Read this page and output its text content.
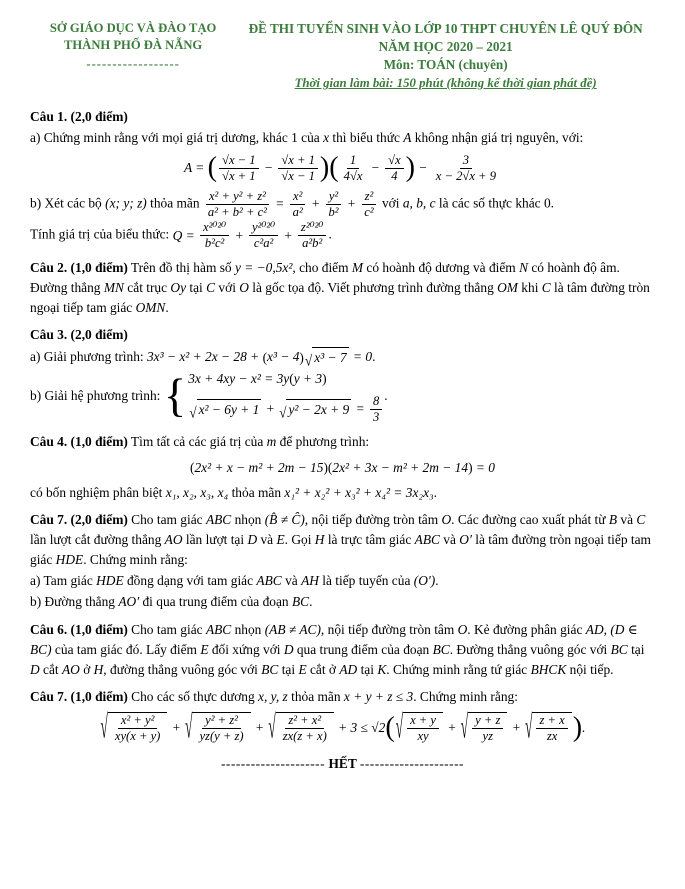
SỞ GIÁO DỤC VÀ ĐÀO TẠO
THÀNH PHỐ ĐÀ NẴNG
------------------
ĐỀ THI TUYỂN SINH VÀO LỚP 10 THPT CHUYÊN LÊ QUÝ ĐÔN
NĂM HỌC 2020 – 2021
Môn: TOÁN (chuyên)
Thời gian làm bài: 150 phút (không kể thời gian phát đề)
Câu 1. (2,0 điểm)
a) Chứng minh rằng với mọi giá trị dương, khác 1 của x thì biểu thức A không nhận giá trị nguyên, với:
A = ( $\frac{√x - 1}{√x + 1} - \frac{√x + 1}{√x - 1}$ ) ( $\frac{1}{4√x} - \frac{√x}{4}$ ) − $\frac{3}{x - 2√x + 9}$
b) Xét các bộ (x; y; z) thỏa mãn $\frac{\text{x² + y² + z²}}{\text{a² + b² + c²}} = \frac{\text{x²}}{\text{a²}} + \frac{\text{y²}}{\text{b²}} + \frac{\text{z²}}{\text{c²}}$ với a, b, c là các số thực khác 0.
Tính giá trị của biểu thức: $Q = \frac{\text{x²⁰²⁰}}{\text{b²c²}} + \frac{\text{y²⁰²⁰}}{\text{c²a²}} + \frac{\text{z²⁰²⁰}}{\text{a²b²}}$ .
Câu 2. (1,0 điểm) Trên đồ thị hàm số y = −0,5x², cho điểm M có hoành độ dương và điểm N có hoành độ âm. Đường thẳng MN cắt trục Oy tại C với O là gốc tọa độ. Viết phương trình đường thẳng OM khi C là tâm đường tròn ngoại tiếp tam giác OMN.
Câu 3. (2,0 điểm)
a) Giải phương trình: 3x³ − x² + 2x − 28 + ( x³ − 4 ) √ x³ − 7 = 0 .
b) Giải hệ phương trình: { 3x + 4xy − x² = 3y ( y + 3 )
√ x² − 6y + 1 + √ $y^2 - 2x + 9 = \frac{8}{3}$ .
Câu 4. (1,0 điểm) Tìm tất cả các giá trị của m để phương trình:
( 2x² + x − m² + 2m − 15 ) ( 2x² + 3x − m² + 2m − 14 ) = 0
có bốn nghiệm phân biệt x₁, x₂, x₃, x₄ thỏa mãn x₁² + x₂² + x₃² + x₄² = 3x₂x₃.
Câu 7. (2,0 điểm) Cho tam giác ABC nhọn (B̂ ≠ Ĉ), nội tiếp đường tròn tâm O. Các đường cao xuất phát từ B và C lần lượt cắt đường thẳng AO lần lượt tại D và E. Gọi H là trực tâm giác ABC và O′ là tâm đường tròn ngoại tiếp tam giác HDE. Chứng minh rằng:
a) Tam giác HDE đồng dạng với tam giác ABC và AH là tiếp tuyến của (O′).
b) Đường thẳng AO′ đi qua trung điểm của đoạn BC.
Câu 6. (1,0 điểm) Cho tam giác ABC nhọn (AB ≠ AC), nội tiếp đường tròn tâm O. Kẻ đường phân giác AD, (D ∈ BC) của tam giác đó. Lấy điểm E đối xứng với D qua trung điểm của đoạn BC. Đường thẳng vuông góc với BC tại D cắt AO ở H, đường thẳng vuông góc với BC tại E cắt ở AD tại K. Chứng minh rằng tứ giác BHCK nội tiếp.
Câu 7. (1,0 điểm) Cho các số thực dương x, y, z thỏa mãn x + y + z ≤ 3. Chứng minh rằng:
√ $\frac{\text{x² + y²}}{xy(x + y)}$ + √ $\frac{\text{y² + z²}}{yz(y + z)}$ + √ $\frac{\text{z² + x²}}{zx(z + x)} + 3 \le √2$ ( √ $\frac{x + y}{xy}$ + √ $\frac{y + z}{yz}$ + √ $\frac{z + x}{zx}$ ) .
--------------------- HẾT ---------------------
